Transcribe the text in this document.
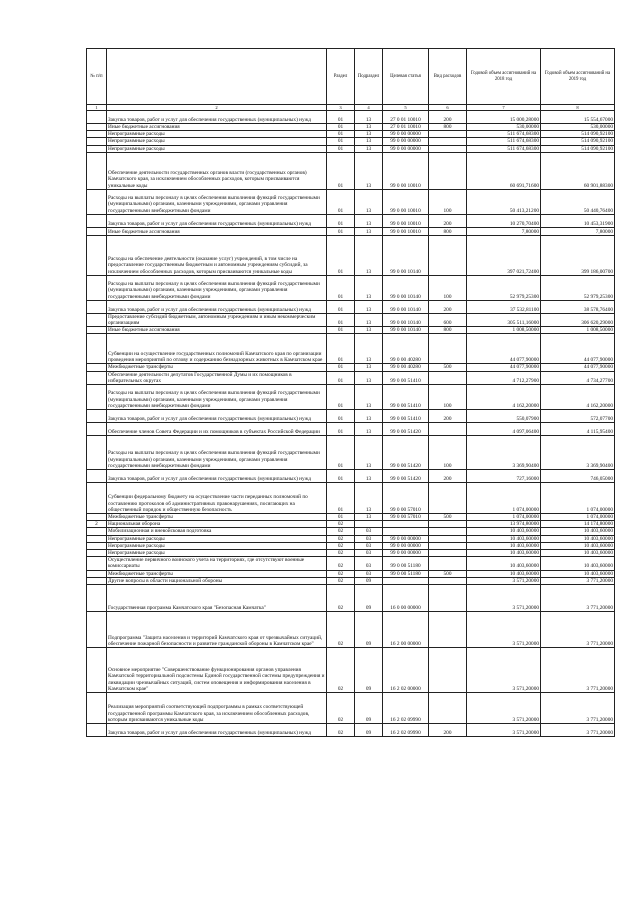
№ п/п		Раздел	Подраздел	Целевая статья	Вид расходов	Годовой объем ассигнований на 2018 год	Годовой объем ассигнований на 2019 год
1	2	3	4	5	6	7	8
	Закупка товаров, работ и услуг для обеспечения государственных (муниципальных) нужд	01	13	27 0 01 10010	200	15 000,28000	15 554,67000
	Иные бюджетные ассигнования	01	13	27 0 01 10010	800	530,00000	530,00000
	Непрограммные расходы	01	13	99 0 00 00000		511 674,68300	514 090,92100
	Непрограммные расходы	01	13	99 0 00 00000		511 674,68300	514 090,92100
	Непрограммные расходы	01	13	99 0 00 00000		511 674,68300	514 090,92100
	Обеспечение деятельности государственных органов власти (государственных органов) Камчатского края, за исключением обособленных расходов, которым присваиваются уникальные коды	01	13	99 0 00 10010		60 691,71600	60 901,88300
	Расходы на выплаты персоналу в целях обеспечения выполнения функций государственными (муниципальными) органами, казенными учреждениями, органами управления государственными внебюджетными фондами	01	13	99 0 00 10010	100	50 413,21200	50 440,76400
	Закупка товаров, работ и услуг для обеспечения государственных (муниципальных) нужд	01	13	99 0 00 10010	200	10 270,70400	10 453,31900
	Иные бюджетные ассигнования	01	13	99 0 00 10010	800	7,80000	7,80000
	Расходы на обеспечение деятельности (оказание услуг) учреждений, в том числе на предоставление государственным бюджетным и автономным учреждениям субсидий, за исключением обособленных расходов, которым присваиваются уникальные коды	01	13	99 0 00 10140		397 021,72400	399 186,00700
	Расходы на выплаты персоналу в целях обеспечения выполнения функций государственными (муниципальными) органами, казенными учреждениями, органами управления государственными внебюджетными фондами	01	13	99 0 00 10140	100	52 979,25300	52 979,25300
	Закупка товаров, работ и услуг для обеспечения государственных (муниципальных) нужд	01	13	99 0 00 10140	200	37 532,81100	38 578,76400
	Предоставление субсидий бюджетным, автономным учреждениям и иным некоммерческим организациям	01	13	99 0 00 10140	600	305 511,16000	306 620,29000
	Иные бюджетные ассигнования	01	13	99 0 00 10140	800	1 008,50000	1 008,50000
	Субвенции на осуществление государственных полномочий Камчатского края по организации проведения мероприятий по отлову и содержанию безнадзорных животных в Камчатском крае	01	13	99 0 00 40280		44 077,90000	44 077,90000
	Межбюджетные трансферты	01	13	99 0 00 40280	500	44 077,90000	44 077,90000
	Обеспечение деятельности депутатов Государственной Думы и их помощников в избирательных округах	01	13	99 0 00 51410		4 712,27900	4 734,27700
	Расходы на выплаты персоналу в целях обеспечения выполнения функций государственными (муниципальными) органами, казенными учреждениями, органами управления государственными внебюджетными фондами	01	13	99 0 00 51410	100	4 162,20000	4 162,20000
	Закупка товаров, работ и услуг для обеспечения государственных (муниципальных) нужд	01	13	99 0 00 51410	200	550,07900	572,07700
	Обеспечение членов Совета Федерации и их помощников в субъектах Российской Федерации	01	13	99 0 00 51420		4 097,06400	4 115,95400
	Расходы на выплаты персоналу в целях обеспечения выполнения функций государственными (муниципальными) органами, казенными учреждениями, органами управления государственными внебюджетными фондами	01	13	99 0 00 51420	100	3 369,90400	3 369,90400
	Закупка товаров, работ и услуг для обеспечения государственных (муниципальных) нужд	01	13	99 0 00 51420	200	727,16000	746,05000
	Субвенции федеральному бюджету на осуществление части переданных полномочий по составлению протоколов об административных правонарушениях, посягающих на общественный порядок и общественную безопасность	01	13	99 0 00 57010		1 074,00000	1 074,00000
	Межбюджетные трансферты	01	13	99 0 00 57010	500	1 074,00000	1 074,00000
2	Национальная оборона	02				13 974,80000	14 174,80000
	Мобилизационная и вневойсковая подготовка	02	03			10 403,60000	10 403,60000
	Непрограммные расходы	02	03	99 0 00 00000		10 403,60000	10 403,60000
	Непрограммные расходы	02	03	99 0 00 00000		10 403,60000	10 403,60000
	Непрограммные расходы	02	03	99 0 00 00000		10 403,60000	10 403,60000
	Осуществление первичного воинского учета на территориях, где отсутствуют военные комиссариаты	02	03	99 0 00 51180		10 403,60000	10 403,60000
	Межбюджетные трансферты	02	03	99 0 00 51180	500	10 403,60000	10 403,60000
	Другие вопросы в области национальной обороны	02	09			3 571,20000	3 771,20000
	Государственная программа Камчатского края "Безопасная Камчатка"	02	09	16 0 00 00000		3 571,20000	3 771,20000
	Подпрограмма "Защита населения и территорий Камчатского края от чрезвычайных ситуаций, обеспечение пожарной безопасности и развитие гражданской обороны в Камчатском крае"	02	09	16 2 00 00000		3 571,20000	3 771,20000
	Основное мероприятие "Совершенствование функционирования органов управления Камчатской территориальной подсистемы Единой государственной системы предупреждения и ликвидации чрезвычайных ситуаций, систем оповещения и информирования населения в Камчатском крае"	02	09	16 2 02 00000		3 571,20000	3 771,20000
	Реализация мероприятий соответствующей подпрограммы в рамках соответствующей государственной программы Камчатского края, за исключением обособленных расходов, которым присваиваются уникальные коды	02	09	16 2 02 09990		3 571,20000	3 771,20000
	Закупка товаров, работ и услуг для обеспечения государственных (муниципальных) нужд	02	09	16 2 02 09990	200	3 571,20000	3 771,20000
